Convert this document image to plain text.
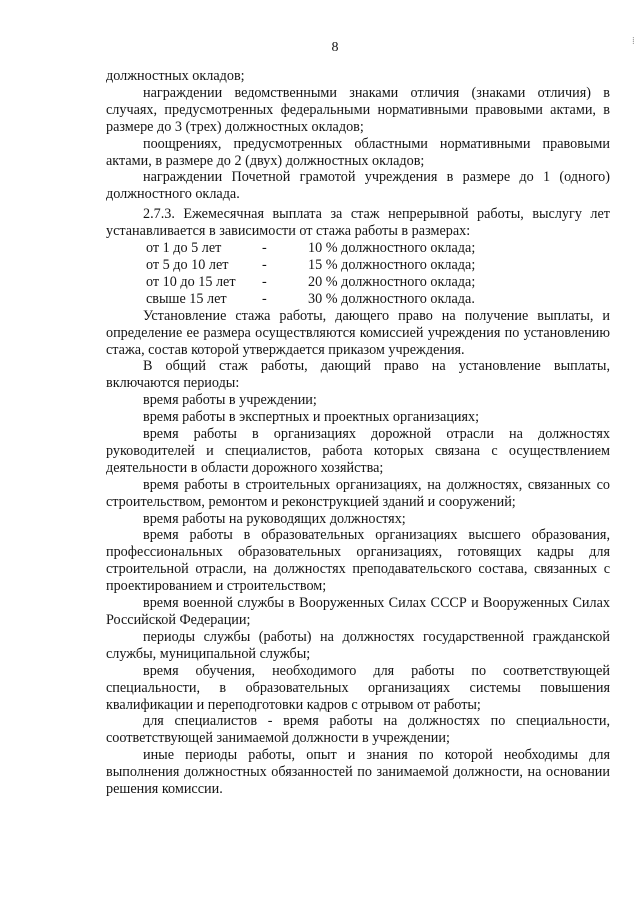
8

должностных окладов;

награждении ведомственными знаками отличия (знаками отличия) в случаях, предусмотренных федеральными нормативными правовыми актами, в размере до 3 (трех) должностных окладов;

поощрениях, предусмотренных областными нормативными правовыми актами, в размере до 2 (двух) должностных окладов;

награждении Почетной грамотой учреждения в размере до 1 (одного) должностного оклада.

2.7.3. Ежемесячная выплата за стаж непрерывной работы, выслугу лет устанавливается в зависимости от стажа работы в размерах:

от 1 до 5 лет	-	10 % должностного оклада;
от 5 до 10 лет	-	15 % должностного оклада;
от 10 до 15 лет	-	20 % должностного оклада;
свыше 15 лет	-	30 % должностного оклада.

Установление стажа работы, дающего право на получение выплаты, и определение ее размера осуществляются комиссией учреждения по установлению стажа, состав которой утверждается приказом учреждения.

В общий стаж работы, дающий право на установление выплаты, включаются периоды:

время работы в учреждении;

время работы в экспертных и проектных организациях;

время работы в организациях дорожной отрасли на должностях руководителей и специалистов, работа которых связана с осуществлением деятельности в области дорожного хозяйства;

время работы в строительных организациях, на должностях, связанных со строительством, ремонтом и реконструкцией зданий и сооружений;

время работы на руководящих должностях;

время работы в образовательных организациях высшего образования, профессиональных образовательных организациях, готовящих кадры для строительной отрасли, на должностях преподавательского состава, связанных с проектированием и строительством;

время военной службы в Вооруженных Силах СССР и Вооруженных Силах Российской Федерации;

периоды службы (работы) на должностях государственной гражданской службы, муниципальной службы;

время обучения, необходимого для работы по соответствующей специальности, в образовательных организациях системы повышения квалификации и переподготовки кадров с отрывом от работы;

для специалистов - время работы на должностях по специальности, соответствующей занимаемой должности в учреждении;

иные периоды работы, опыт и знания по которой необходимы для выполнения должностных обязанностей по занимаемой должности, на основании решения комиссии.

⁞
